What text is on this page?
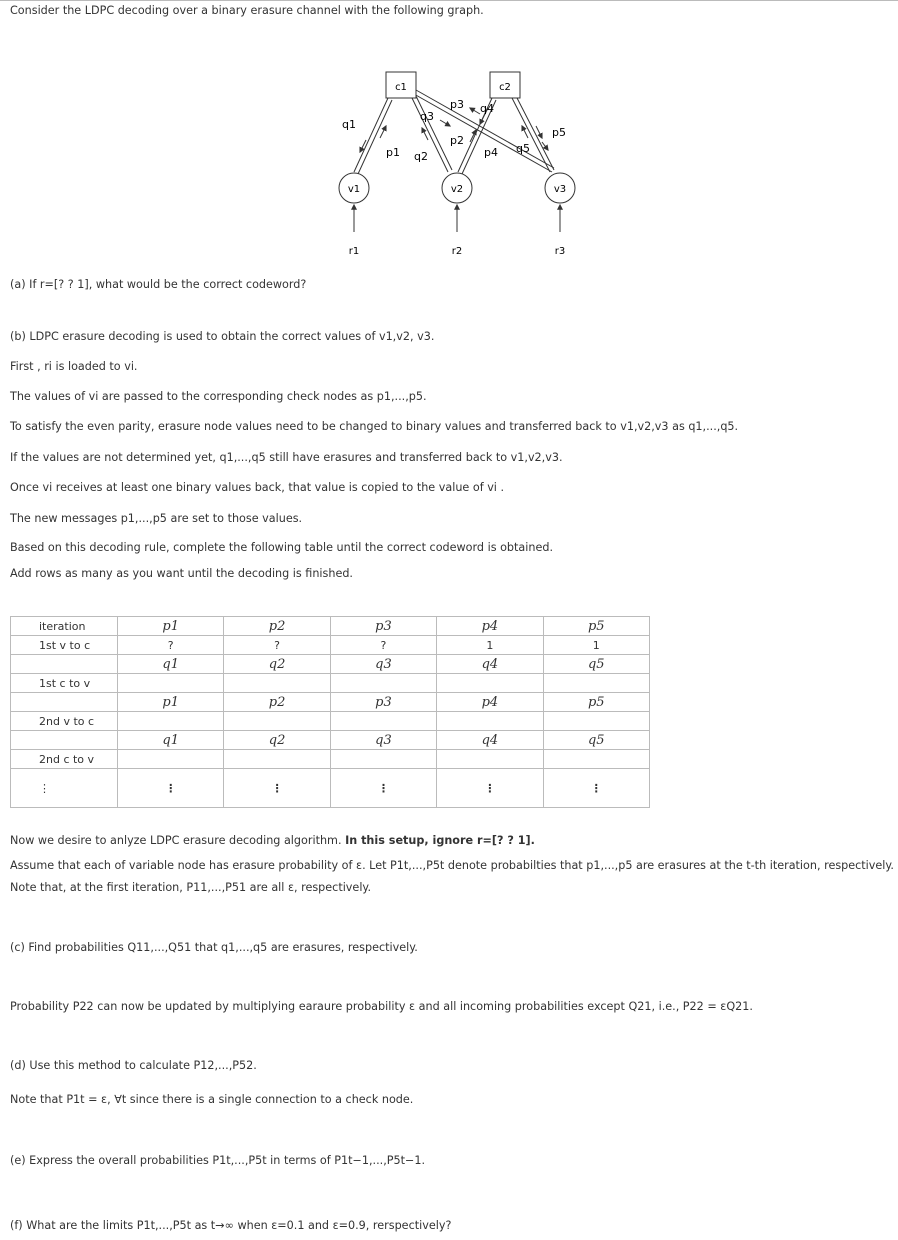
Consider the LDPC decoding over a binary erasure channel with the following graph.
c1	c2
v1	v2	v3
r1	r2	r3
q1
p1 q2
p3
q3
p2
q4
p4 q5
p5
(a) If r=[? ? 1], what would be the correct codeword?
(b) LDPC erasure decoding is used to obtain the correct values of v1,v2, v3.
First , ri is loaded to vi.
The values of vi are passed to the corresponding check nodes as p1,...,p5.
To satisfy the even parity, erasure node values need to be changed to binary values and transferred back to v1,v2,v3 as q1,...,q5.
If the values are not determined yet, q1,...,q5 still have erasures and transferred back to v1,v2,v3.
Once vi receives at least one binary values back, that value is copied to the value of vi .
The new messages p1,...,p5 are set to those values.
Based on this decoding rule, complete the following table until the correct codeword is obtained.
Add rows as many as you want until the decoding is finished.
iteration	p1	p2	p3	p4	p5
1st v to c	?	?	?	1	1
	q1	q2	q3	q4	q5
1st c to v					
	p1	p2	p3	p4	p5
2nd v to c					
	q1	q2	q3	q4	q5
2nd c to v					
⋮	⋮	⋮	⋮	⋮	⋮
Now we desire to anlyze LDPC erasure decoding algorithm. In this setup, ignore r=[? ? 1].
Assume that each of variable node has erasure probability of ε. Let P1t,...,P5t denote probabilties that p1,...,p5 are erasures at the t-th iteration, respectively.
Note that, at the first iteration, P11,...,P51 are all ε, respectively.
(c) Find probabilities Q11,...,Q51 that q1,...,q5 are erasures, respectively.
Probability P22 can now be updated by multiplying earaure probability ε and all incoming probabilities except Q21, i.e., P22 = εQ21.
(d) Use this method to calculate P12,...,P52.
Note that P1t = ε, ∀t since there is a single connection to a check node.
(e) Express the overall probabilities P1t,...,P5t in terms of P1t−1,...,P5t−1.
(f) What are the limits P1t,...,P5t as t→∞ when ε=0.1 and ε=0.9, rerspectively?
